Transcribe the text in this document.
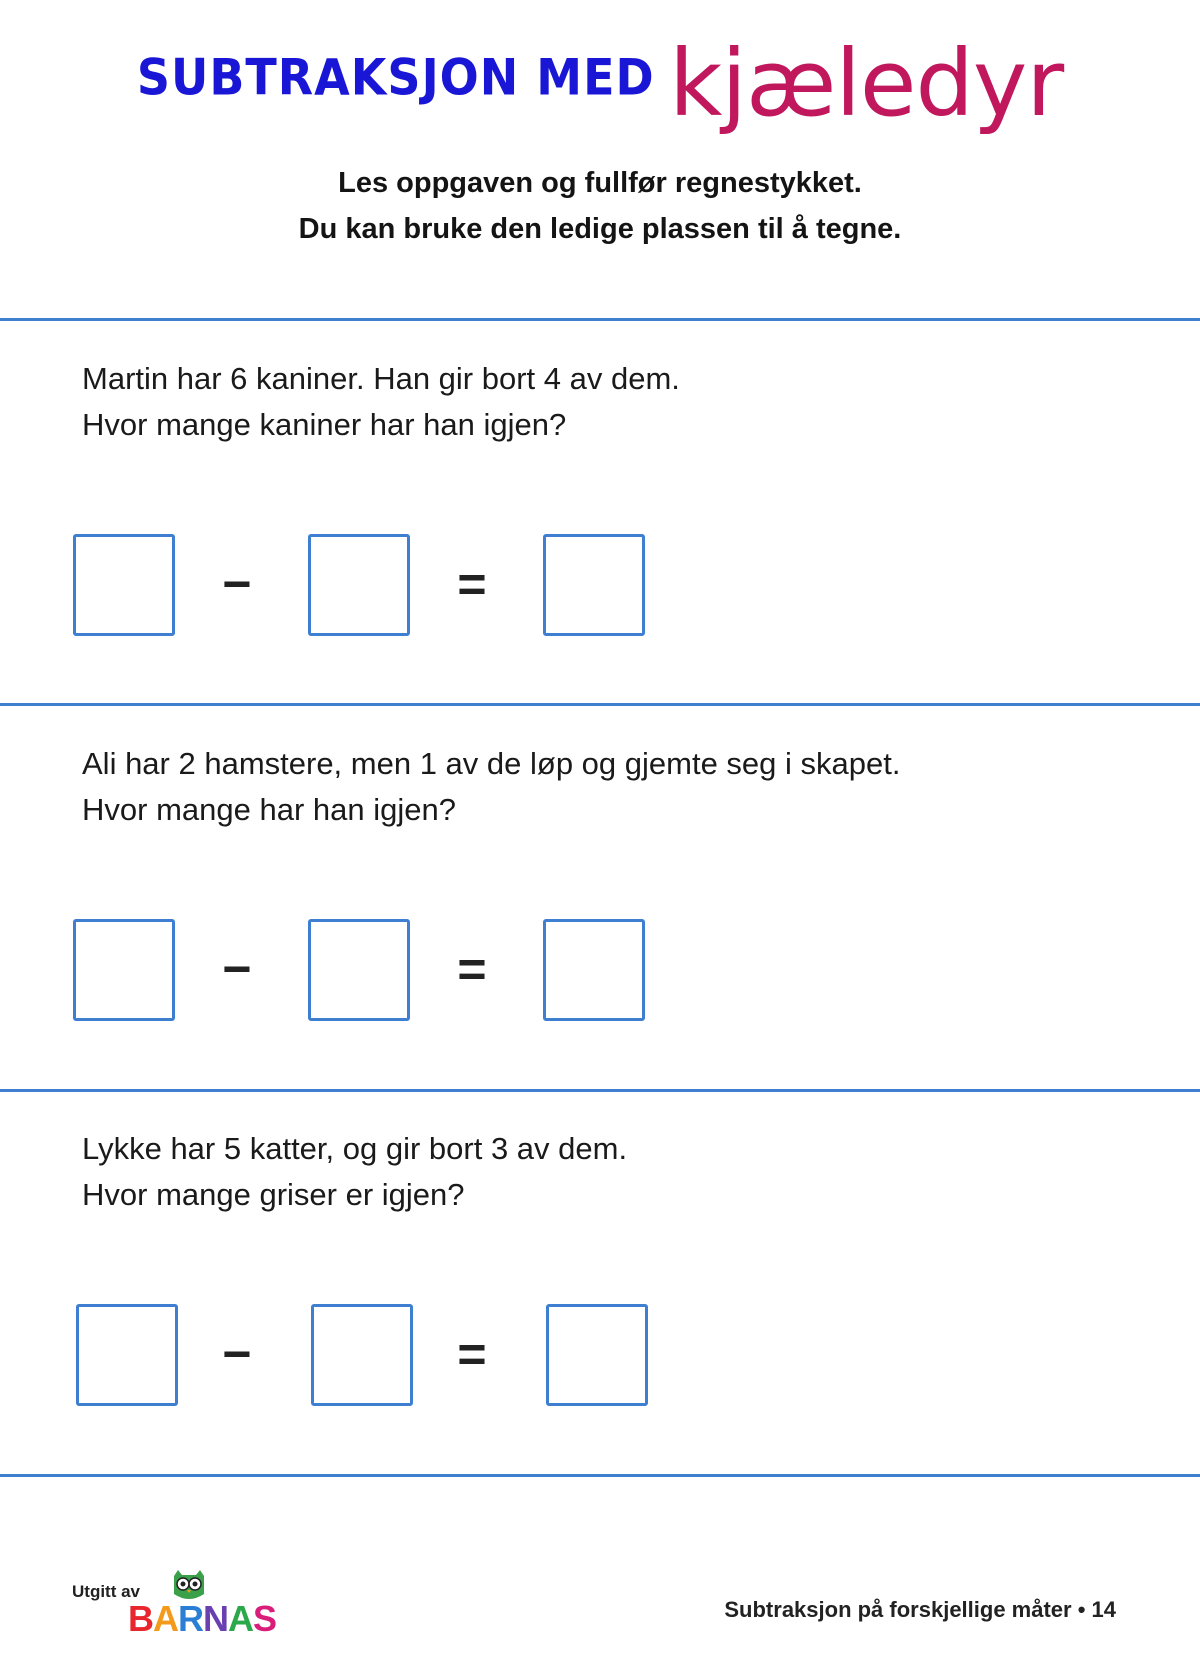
SUBTRAKSJON MED kjæledyr
Les oppgaven og fullfør regnestykket.
Du kan bruke den ledige plassen til å tegne.
Martin har 6 kaniner. Han gir bort 4 av dem.
Hvor mange kaniner har han igjen?
−	=
Ali har 2 hamstere, men 1 av de løp og gjemte seg i skapet.
Hvor mange har han igjen?
−	=
Lykke har 5 katter, og gir bort 3 av dem.
Hvor mange griser er igjen?
−	=
Utgitt av
BARNAS	Subtraksjon på forskjellige måter • 14
